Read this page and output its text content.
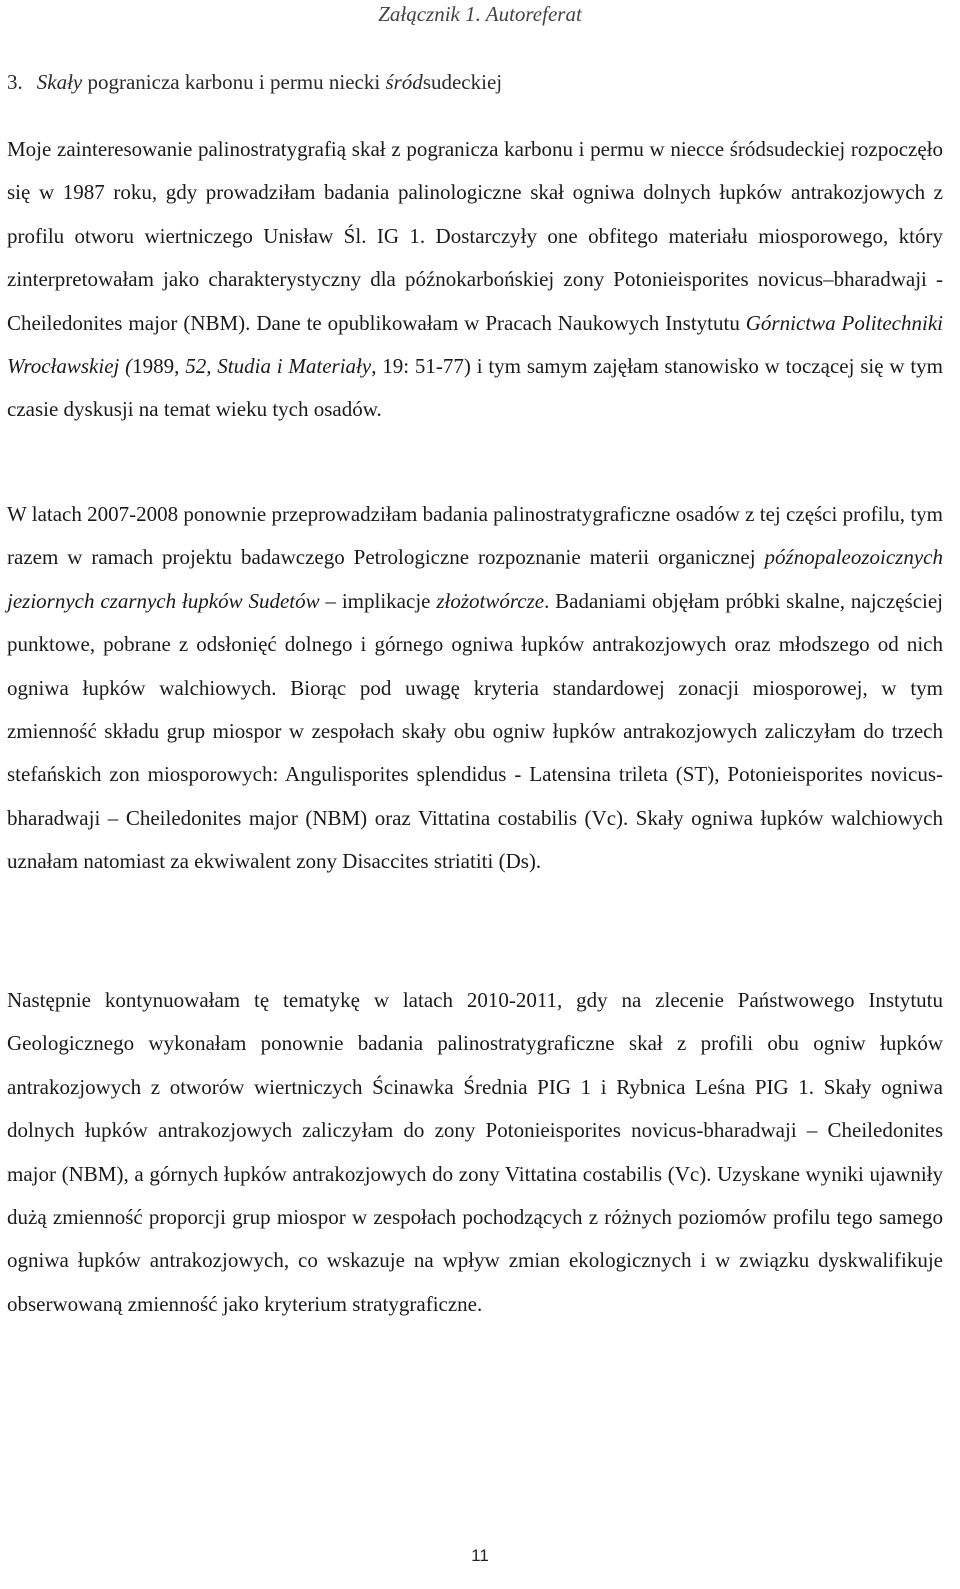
Załącznik 1. Autoreferat
3. Skały pogranicza karbonu i permu niecki śródsudeckiej

Moje zainteresowanie palinostratygrafią skał z pogranicza karbonu i permu w niecce śródsudeckiej rozpoczęło się w 1987 roku, gdy prowadziłam badania palinologiczne skał ogniwa dolnych łupków antrakozjowych z profilu otworu wiertniczego Unisław Śl. IG 1. Dostarczyły one obfitego materiału miosporowego, który zinterpretowałam jako charakterystyczny dla późnokarbońskiej zony Potonieisporites novicus–bharadwaji - Cheiledonites major (NBM). Dane te opublikowałam w Pracach Naukowych Instytutu Górnictwa Politechniki Wrocławskiej (1989, 52, Studia i Materiały, 19: 51-77) i tym samym zajęłam stanowisko w toczącej się w tym czasie dyskusji na temat wieku tych osadów.

W latach 2007-2008 ponownie przeprowadziłam badania palinostratygraficzne osadów z tej części profilu, tym razem w ramach projektu badawczego Petrologiczne rozpoznanie materii organicznej późnopaleozoicznych jeziornych czarnych łupków Sudetów – implikacje złożotwórcze. Badaniami objęłam próbki skalne, najczęściej punktowe, pobrane z odsłonięć dolnego i górnego ogniwa łupków antrakozjowych oraz młodszego od nich ogniwa łupków walchiowych. Biorąc pod uwagę kryteria standardowej zonacji miosporowej, w tym zmienność składu grup miospor w zespołach skały obu ogniw łupków antrakozjowych zaliczyłam do trzech stefańskich zon miosporowych: Angulisporites splendidus - Latensina trileta (ST), Potonieisporites novicus-bharadwaji – Cheiledonites major (NBM) oraz Vittatina costabilis (Vc). Skały ogniwa łupków walchiowych uznałam natomiast za ekwiwalent zony Disaccites striatiti (Ds).

Następnie kontynuowałam tę tematykę w latach 2010-2011, gdy na zlecenie Państwowego Instytutu Geologicznego wykonałam ponownie badania palinostratygraficzne skał z profili obu ogniw łupków antrakozjowych z otworów wiertniczych Ścinawka Średnia PIG 1 i Rybnica Leśna PIG 1. Skały ogniwa dolnych łupków antrakozjowych zaliczyłam do zony Potonieisporites novicus-bharadwaji – Cheiledonites major (NBM), a górnych łupków antrakozjowych do zony Vittatina costabilis (Vc). Uzyskane wyniki ujawniły dużą zmienność proporcji grup miospor w zespołach pochodzących z różnych poziomów profilu tego samego ogniwa łupków antrakozjowych, co wskazuje na wpływ zmian ekologicznych i w związku dyskwalifikuje obserwowaną zmienność jako kryterium stratygraficzne.

11
